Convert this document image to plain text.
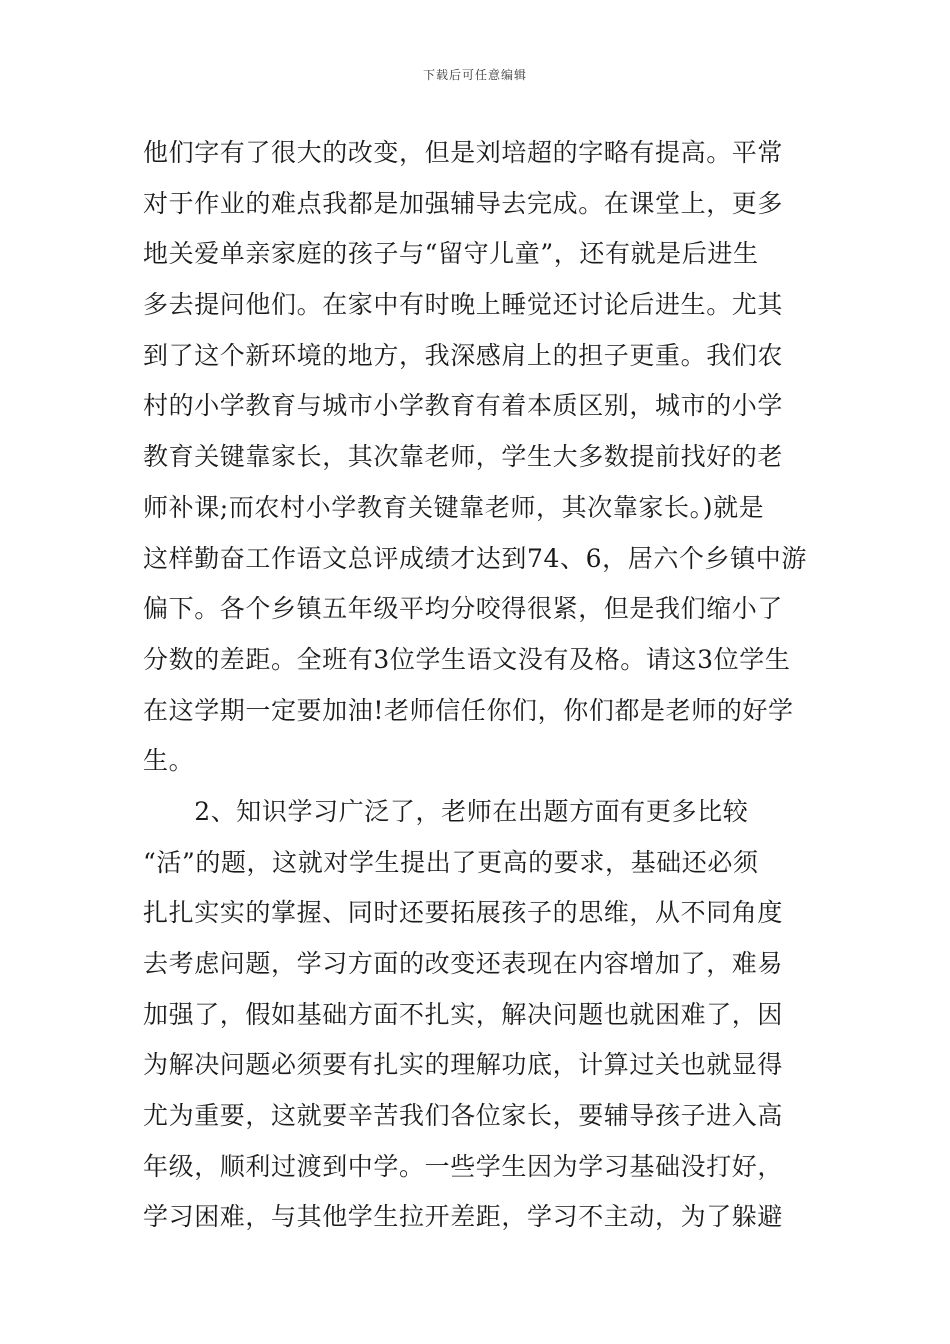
下载后可任意编辑
他们字有了很大的改变，但是刘培超的字略有提高。平常
对于作业的难点我都是加强辅导去完成。在课堂上，更多
地关爱单亲家庭的孩子与“留守儿童”，还有就是后进生
多去提问他们。在家中有时晚上睡觉还讨论后进生。尤其
到了这个新环境的地方，我深感肩上的担子更重。我们农
村的小学教育与城市小学教育有着本质区别，城市的小学
教育关键靠家长，其次靠老师，学生大多数提前找好的老
师补课;而农村小学教育关键靠老师，其次靠家长。)就是
这样勤奋工作语文总评成绩才达到74、6，居六个乡镇中游
偏下。各个乡镇五年级平均分咬得很紧，但是我们缩小了
分数的差距。全班有3位学生语文没有及格。请这3位学生
在这学期一定要加油!老师信任你们，你们都是老师的好学
生。
　　2、知识学习广泛了，老师在出题方面有更多比较
“活”的题，这就对学生提出了更高的要求，基础还必须
扎扎实实的掌握、同时还要拓展孩子的思维，从不同角度
去考虑问题，学习方面的改变还表现在内容增加了，难易
加强了，假如基础方面不扎实，解决问题也就困难了，因
为解决问题必须要有扎实的理解功底，计算过关也就显得
尤为重要，这就要辛苦我们各位家长，要辅导孩子进入高
年级，顺利过渡到中学。一些学生因为学习基础没打好，
学习困难，与其他学生拉开差距，学习不主动，为了躲避
